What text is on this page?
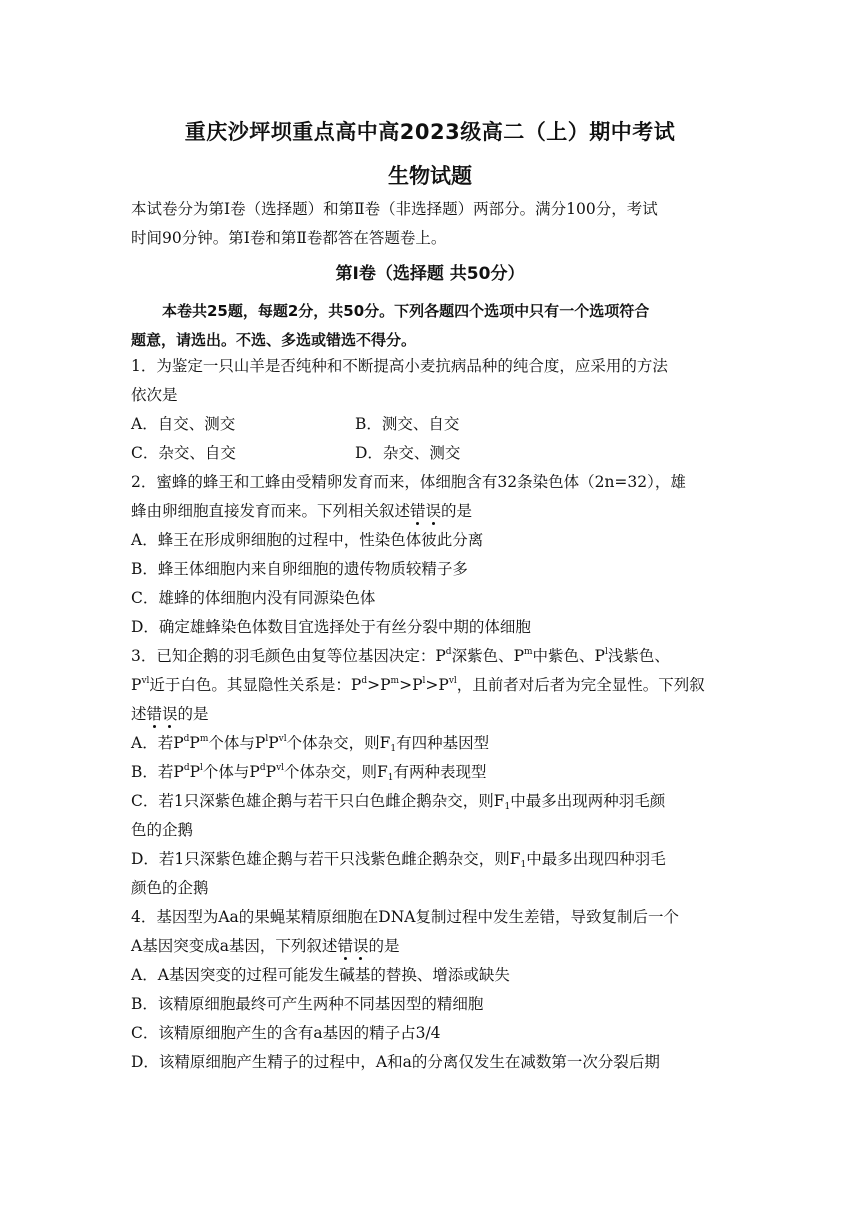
重庆沙坪坝重点高中高2023级高二（上）期中考试
生物试题
本试卷分为第Ⅰ卷（选择题）和第Ⅱ卷（非选择题）两部分。满分100分，考试
时间90分钟。第Ⅰ卷和第Ⅱ卷都答在答题卷上。
第Ⅰ卷（选择题 共50分）
本卷共25题，每题2分，共50分。下列各题四个选项中只有一个选项符合
题意，请选出。不选、多选或错选不得分。
1．为鉴定一只山羊是否纯种和不断提高小麦抗病品种的纯合度，应采用的方法
依次是
A．自交、测交	B．测交、自交
C．杂交、自交	D．杂交、测交
2．蜜蜂的蜂王和工蜂由受精卵发育而来，体细胞含有32条染色体（2n=32），雄
蜂由卵细胞直接发育而来。下列相关叙述错误的是
A．蜂王在形成卵细胞的过程中，性染色体彼此分离
B．蜂王体细胞内来自卵细胞的遗传物质较精子多
C．雄蜂的体细胞内没有同源染色体
D．确定雄蜂染色体数目宜选择处于有丝分裂中期的体细胞
3．已知企鹅的羽毛颜色由复等位基因决定：$P^d$深紫色、$P^m$中紫色、$P^l$浅紫色、
$P^{vl}$近于白色。其显隐性关系是：$P^d>P^m>P^l>P^{vl}$，且前者对后者为完全显性。下列叙
述错误的是
A．若$P^dP^m$个体与$P^lP^{vl}$个体杂交，则$F_1$有四种基因型
B．若$P^dP^l$个体与$P^dP^{vl}$个体杂交，则$F_1$有两种表现型
C．若1只深紫色雄企鹅与若干只白色雌企鹅杂交，则$F_1$中最多出现两种羽毛颜
色的企鹅
D．若1只深紫色雄企鹅与若干只浅紫色雌企鹅杂交，则$F_1$中最多出现四种羽毛
颜色的企鹅
4．基因型为Aa的果蝇某精原细胞在DNA复制过程中发生差错，导致复制后一个
A基因突变成a基因，下列叙述错误的是
A．A基因突变的过程可能发生碱基的替换、增添或缺失
B．该精原细胞最终可产生两种不同基因型的精细胞
C．该精原细胞产生的含有a基因的精子占3/4
D．该精原细胞产生精子的过程中，A和a的分离仅发生在减数第一次分裂后期
